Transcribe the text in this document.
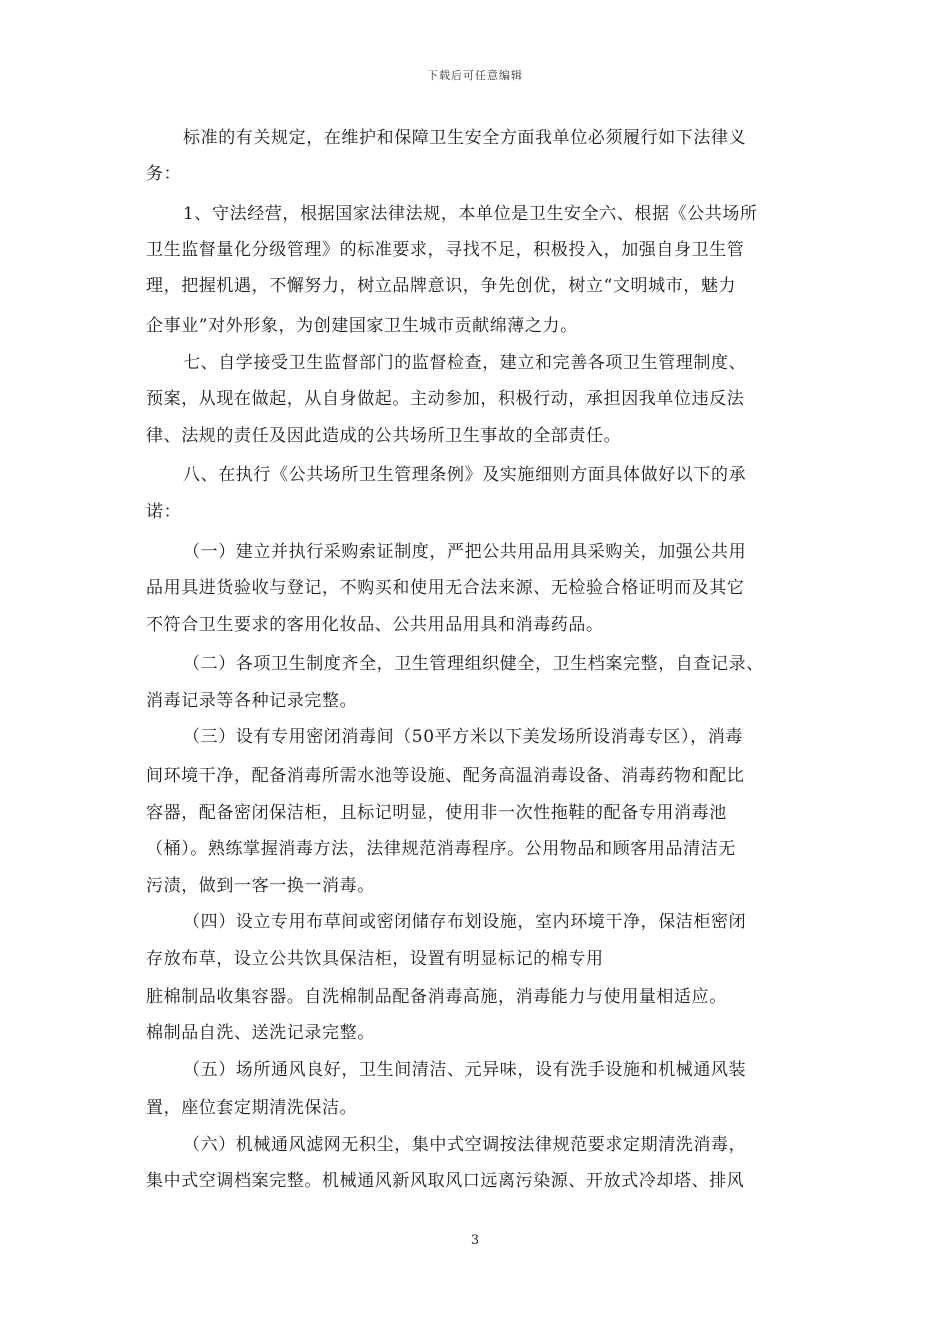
下载后可任意编辑
标准的有关规定，在维护和保障卫生安全方面我单位必须履行如下法律义
务：
1、守法经营，根据国家法律法规，本单位是卫生安全六、根据《公共场所
卫生监督量化分级管理》的标准要求，寻找不足，积极投入，加强自身卫生管
理，把握机遇，不懈努力，树立品牌意识，争先创优，树立“文明城市，魅力
企事业”对外形象，为创建国家卫生城市贡献绵薄之力。
七、自学接受卫生监督部门的监督检查，建立和完善各项卫生管理制度、
预案，从现在做起，从自身做起。主动参加，积极行动，承担因我单位违反法
律、法规的责任及因此造成的公共场所卫生事故的全部责任。
八、在执行《公共场所卫生管理条例》及实施细则方面具体做好以下的承
诺：
（一）建立并执行采购索证制度，严把公共用品用具采购关，加强公共用
品用具进货验收与登记，不购买和使用无合法来源、无检验合格证明而及其它
不符合卫生要求的客用化妆品、公共用品用具和消毒药品。
（二）各项卫生制度齐全，卫生管理组织健全，卫生档案完整，自查记录、
消毒记录等各种记录完整。
（三）设有专用密闭消毒间（50平方米以下美发场所设消毒专区），消毒
间环境干净，配备消毒所需水池等设施、配务高温消毒设备、消毒药物和配比
容器，配备密闭保洁柜，且标记明显，使用非一次性拖鞋的配备专用消毒池
（桶）。熟练掌握消毒方法，法律规范消毒程序。公用物品和顾客用品清洁无
污渍，做到一客一换一消毒。
（四）设立专用布草间或密闭储存布划设施，室内环境干净，保洁柜密闭
存放布草，设立公共饮具保洁柜，设置有明显标记的棉专用
脏棉制品收集容器。自洗棉制品配备消毒高施，消毒能力与使用量相适应。
棉制品自洗、送洗记录完整。
（五）场所通风良好，卫生间清洁、元异味，设有洗手设施和机械通风装
置，座位套定期清洗保洁。
（六）机械通风滤网无积尘，集中式空调按法律规范要求定期清洗消毒，
集中式空调档案完整。机械通风新风取风口远离污染源、开放式冷却塔、排风
3
